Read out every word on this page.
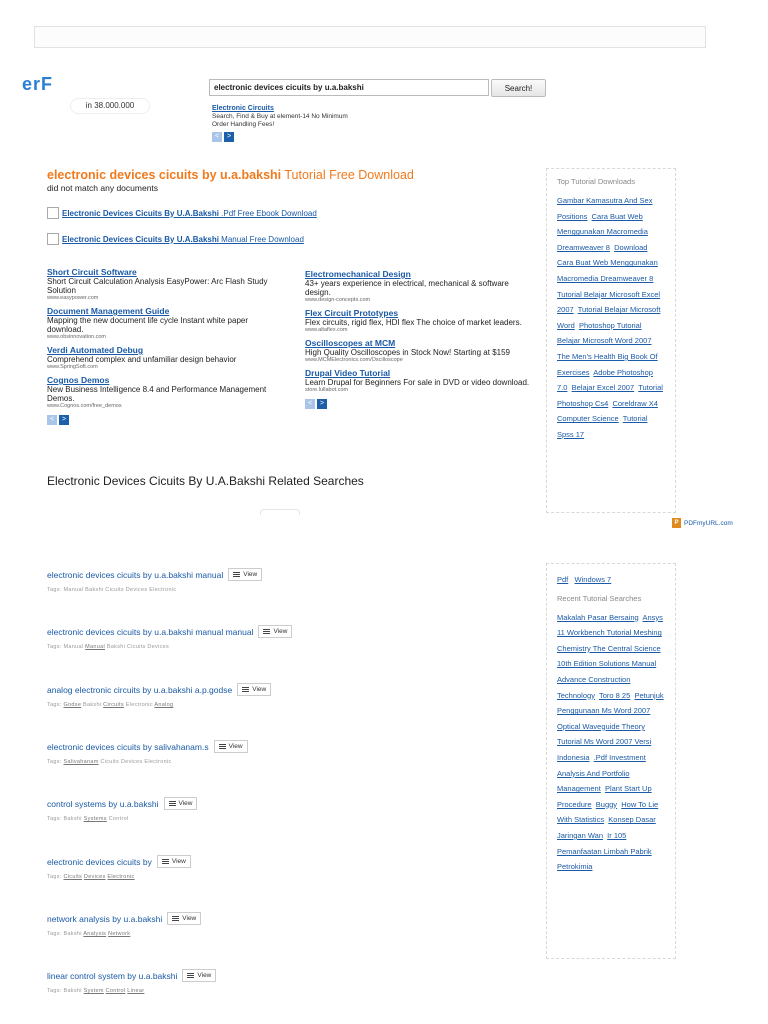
erF
in 38.000.000
electronic devices cicuits by u.a.bakshi
Search!
Electronic Circuits
Search, Find & Buy at element-14 No Minimum
Order Handling Fees!
<	>
electronic devices cicuits by u.a.bakshi Tutorial Free Download
did not match any documents
Electronic Devices Cicuits By U.A.Bakshi .Pdf Free Ebook Download
Electronic Devices Cicuits By U.A.Bakshi Manual Free Download
Short Circuit Software
Short Circuit Calculation Analysis EasyPower: Arc Flash Study Solution
www.easypower.com
Document Management Guide
Mapping the new document life cycle Instant white paper download.
www.obsinnovation.com
Verdi Automated Debug
Comprehend complex and unfamiliar design behavior
www.SpringSoft.com
Cognos Demos
New Business Intelligence 8.4 and Performance Management Demos.
www.Cognos.com/free_demos
<	>
Electromechanical Design
43+ years experience in electrical, mechanical & software design.
www.design-concepts.com
Flex Circuit Prototypes
Flex circuits, rigid flex, HDI flex The choice of market leaders.
www.altaflex.com
Oscilloscopes at MCM
High Quality Oscilloscopes in Stock Now! Starting at $159
www.MCMElectronics.com/Oscilloscope
Drupal Video Tutorial
Learn Drupal for Beginners For sale in DVD or video download.
store.lullabot.com
<	>
Electronic Devices Cicuits By U.A.Bakshi Related Searches
Top Tutorial Downloads
Gambar Kamasutra And Sex Positions Cara Buat Web Menggunakan Macromedia Dreamweaver 8 Download Cara Buat Web Menggunakan Macromedia Dreamweaver 8  Tutorial Belajar Microsoft Excel 2007 Tutorial Belajar Microsoft Word Photoshop Tutorial Belajar Microsoft Word 2007  The Men's Health Big Book Of Exercises Adobe Photoshop 7.0 Belajar Excel 2007 Tutorial Photoshop Cs4 Coreldraw X4  Computer Science Tutorial Spss 17
P PDFmyURL.com
Pdf Windows 7
Recent Tutorial Searches
Makalah Pasar Bersaing Ansys 11 Workbench Tutorial Meshing  Chemistry The Central Science 10th Edition Solutions Manual  Advance Construction Technology Toro 8 25 Petunjuk Penggunaan Ms Word 2007  Optical Waveguide Theory  Tutorial Ms Word 2007 Versi Indonesia .Pdf Investment Analysis And Portfolio Management Plant Start Up Procedure Buggy How To Lie With Statistics Konsep Dasar Jaringan Wan Ir 105  Pemanfaatan Limbah Pabrik Petrokimia
electronic devices cicuits by u.a.bakshi manual	View
Tags: Manual Bakshi Cicuits Devices Electronic
electronic devices cicuits by u.a.bakshi manual manual	View
Tags: Manual Manual Bakshi Cicuits Devices
analog electronic circuits by u.a.bakshi a.p.godse	View
Tags: Godse Bakshi Circuits Electronic Analog
electronic devices cicuits by salivahanam.s	View
Tags: Salivahanam Cicuits Devices Electronic
control systems by u.a.bakshi	View
Tags: Bakshi Systems Control
electronic devices cicuits by	View
Tags: Cicuits Devices Electronic
network analysis by u.a.bakshi	View
Tags: Bakshi Analysis Network
linear control system by u.a.bakshi	View
Tags: Bakshi System Control Linear
